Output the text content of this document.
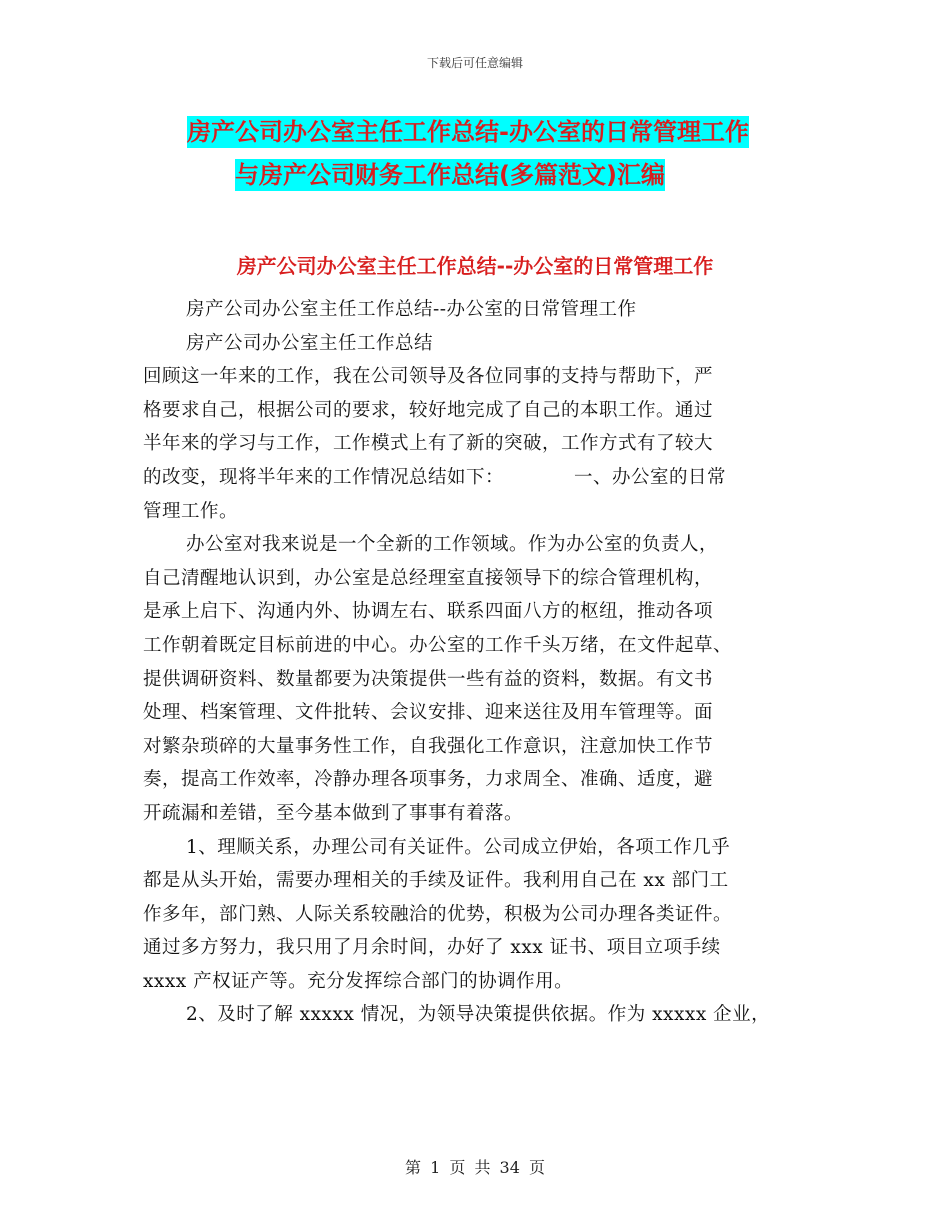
下载后可任意编辑
房产公司办公室主任工作总结-办公室的日常管理工作
与房产公司财务工作总结(多篇范文)汇编
房产公司办公室主任工作总结--办公室的日常管理工作
房产公司办公室主任工作总结--办公室的日常管理工作
房产公司办公室主任工作总结
回顾这一年来的工作，我在公司领导及各位同事的支持与帮助下，严
格要求自己，根据公司的要求，较好地完成了自己的本职工作。通过
半年来的学习与工作，工作模式上有了新的突破，工作方式有了较大
的改变，现将半年来的工作情况总结如下：	一、办公室的日常
管理工作。
办公室对我来说是一个全新的工作领域。作为办公室的负责人，
自己清醒地认识到，办公室是总经理室直接领导下的综合管理机构，
是承上启下、沟通内外、协调左右、联系四面八方的枢纽，推动各项
工作朝着既定目标前进的中心。办公室的工作千头万绪，在文件起草、
提供调研资料、数量都要为决策提供一些有益的资料，数据。有文书
处理、档案管理、文件批转、会议安排、迎来送往及用车管理等。面
对繁杂琐碎的大量事务性工作，自我强化工作意识，注意加快工作节
奏，提高工作效率，冷静办理各项事务，力求周全、准确、适度，避
开疏漏和差错，至今基本做到了事事有着落。
1、理顺关系，办理公司有关证件。公司成立伊始，各项工作几乎
都是从头开始，需要办理相关的手续及证件。我利用自己在 xx 部门工
作多年，部门熟、人际关系较融洽的优势，积极为公司办理各类证件。
通过多方努力，我只用了月余时间，办好了 xxx 证书、项目立项手续
xxxx 产权证产等。充分发挥综合部门的协调作用。
2、及时了解 xxxxx 情况，为领导决策提供依据。作为 xxxxx 企业，
第 1 页 共 34 页
